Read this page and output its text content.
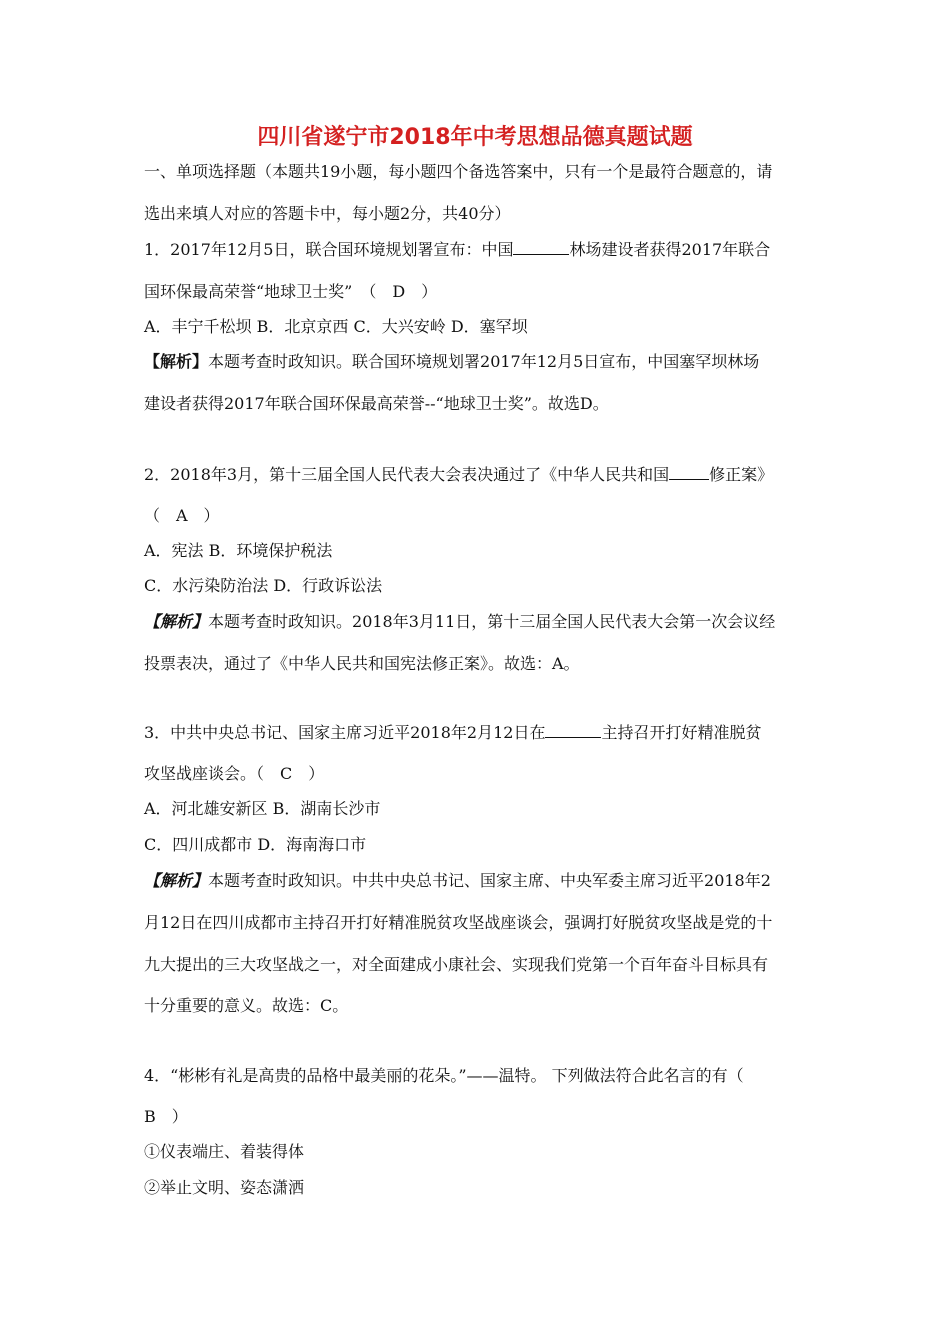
四川省遂宁市2018年中考思想品德真题试题
一、单项选择题（本题共19小题，每小题四个备选答案中，只有一个是最符合题意的，请
选出来填人对应的答题卡中，每小题2分，共40分）
1．2017年12月5日，联合国环境规划署宣布：中国	林场建设者获得2017年联合
国环保最高荣誉“地球卫士奖”　（　D　）
A．丰宁千松坝 B．北京京西 C．大兴安岭 D．塞罕坝
【解析】本题考查时政知识。联合国环境规划署2017年12月5日宣布，中国塞罕坝林场
建设者获得2017年联合国环保最高荣誉--“地球卫士奖”。故选D。
2．2018年3月，第十三届全国人民代表大会表决通过了《中华人民共和国	修正案》
（　A　）
A．宪法 B．环境保护税法
C．水污染防治法 D．行政诉讼法
【解析】本题考查时政知识。2018年3月11日，第十三届全国人民代表大会第一次会议经
投票表决，通过了《中华人民共和国宪法修正案》。故选：A。
3．中共中央总书记、国家主席习近平2018年2月12日在	主持召开打好精准脱贫
攻坚战座谈会。（　C　）
A．河北雄安新区 B．湖南长沙市
C．四川成都市 D．海南海口市
【解析】本题考查时政知识。中共中央总书记、国家主席、中央军委主席习近平2018年2
月12日在四川成都市主持召开打好精准脱贫攻坚战座谈会，强调打好脱贫攻坚战是党的十
九大提出的三大攻坚战之一，对全面建成小康社会、实现我们党第一个百年奋斗目标具有
十分重要的意义。故选：C。
4．“彬彬有礼是高贵的品格中最美丽的花朵。”——温特。 下列做法符合此名言的有（
B　）
①仪表端庄、着装得体
②举止文明、姿态潇洒
